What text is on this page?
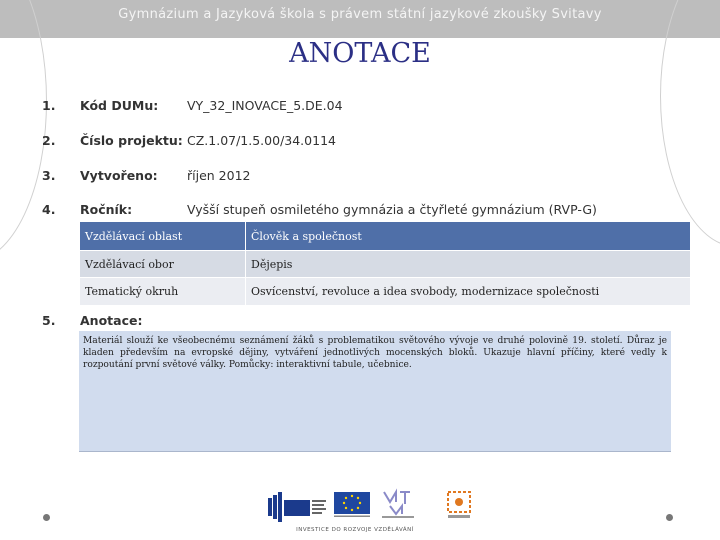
Gymnázium a Jazyková škola s právem státní jazykové zkoušky Svitavy
ANOTACE
1. Kód DUMu: VY_32_INOVACE_5.DE.04
2. Číslo projektu: CZ.1.07/1.5.00/34.0114
3. Vytvořeno: říjen 2012
4. Ročník:	Vyšší stupeň osmiletého gymnázia a čtyřleté gymnázium (RVP-G)
Vzdělávací oblast	Člověk a společnost
Vzdělávací obor	Dějepis
Tematický okruh	Osvícenství, revoluce a idea svobody, modernizace společnosti
5. Anotace:
Materiál slouží ke všeobecnému seznámení žáků s problematikou světového vývoje ve druhé polovině 19. století. Důraz je kladen především na evropské dějiny, vytváření jednotlivých mocenských bloků. Ukazuje hlavní příčiny, které vedly k rozpoutání první světové války. Pomůcky: interaktivní tabule, učebnice.
INVESTICE DO ROZVOJE VZDĚLÁVÁNÍ
